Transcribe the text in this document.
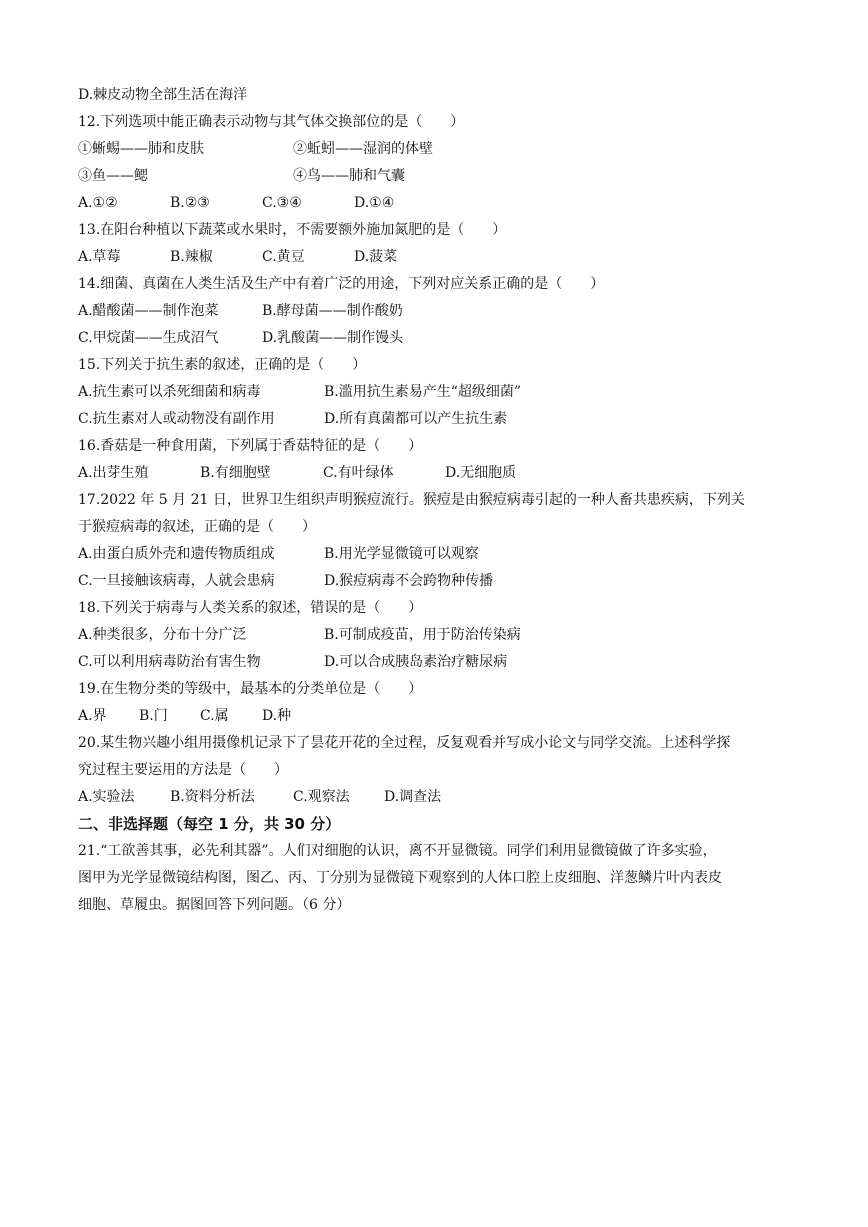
D.棘皮动物全部生活在海洋
12.下列选项中能正确表示动物与其气体交换部位的是（　　）
①蜥蜴——肺和皮肤	②蚯蚓——湿润的体壁
③鱼——鳃	④鸟——肺和气囊
A.①②	B.②③	C.③④	D.①④
13.在阳台种植以下蔬菜或水果时，不需要额外施加氮肥的是（　　）
A.草莓	B.辣椒	C.黄豆	D.菠菜
14.细菌、真菌在人类生活及生产中有着广泛的用途，下列对应关系正确的是（　　）
A.醋酸菌——制作泡菜	B.酵母菌——制作酸奶
C.甲烷菌——生成沼气	D.乳酸菌——制作馒头
15.下列关于抗生素的叙述，正确的是（　　）
A.抗生素可以杀死细菌和病毒	B.滥用抗生素易产生“超级细菌”
C.抗生素对人或动物没有副作用	D.所有真菌都可以产生抗生素
16.香菇是一种食用菌，下列属于香菇特征的是（　　）
A.出芽生殖	B.有细胞壁	C.有叶绿体	D.无细胞质
17.2022 年 5 月 21 日，世界卫生组织声明猴痘流行。猴痘是由猴痘病毒引起的一种人畜共患疾病，下列关
于猴痘病毒的叙述，正确的是（　　）
A.由蛋白质外壳和遗传物质组成	B.用光学显微镜可以观察
C.一旦接触该病毒，人就会患病	D.猴痘病毒不会跨物种传播
18.下列关于病毒与人类关系的叙述，错误的是（　　）
A.种类很多，分布十分广泛	B.可制成疫苗，用于防治传染病
C.可以利用病毒防治有害生物	D.可以合成胰岛素治疗糖尿病
19.在生物分类的等级中，最基本的分类单位是（　　）
A.界 B.门 C.属 D.种
20.某生物兴趣小组用摄像机记录下了昙花开花的全过程，反复观看并写成小论文与同学交流。上述科学探
究过程主要运用的方法是（　　）
A.实验法	B.资料分析法	C.观察法 D.调查法
二、非选择题（每空 1 分，共 30 分）
21.“工欲善其事，必先利其器”。人们对细胞的认识，离不开显微镜。同学们利用显微镜做了许多实验，
图甲为光学显微镜结构图，图乙、丙、丁分别为显微镜下观察到的人体口腔上皮细胞、洋葱鳞片叶内表皮
细胞、草履虫。据图回答下列问题。（6 分）
